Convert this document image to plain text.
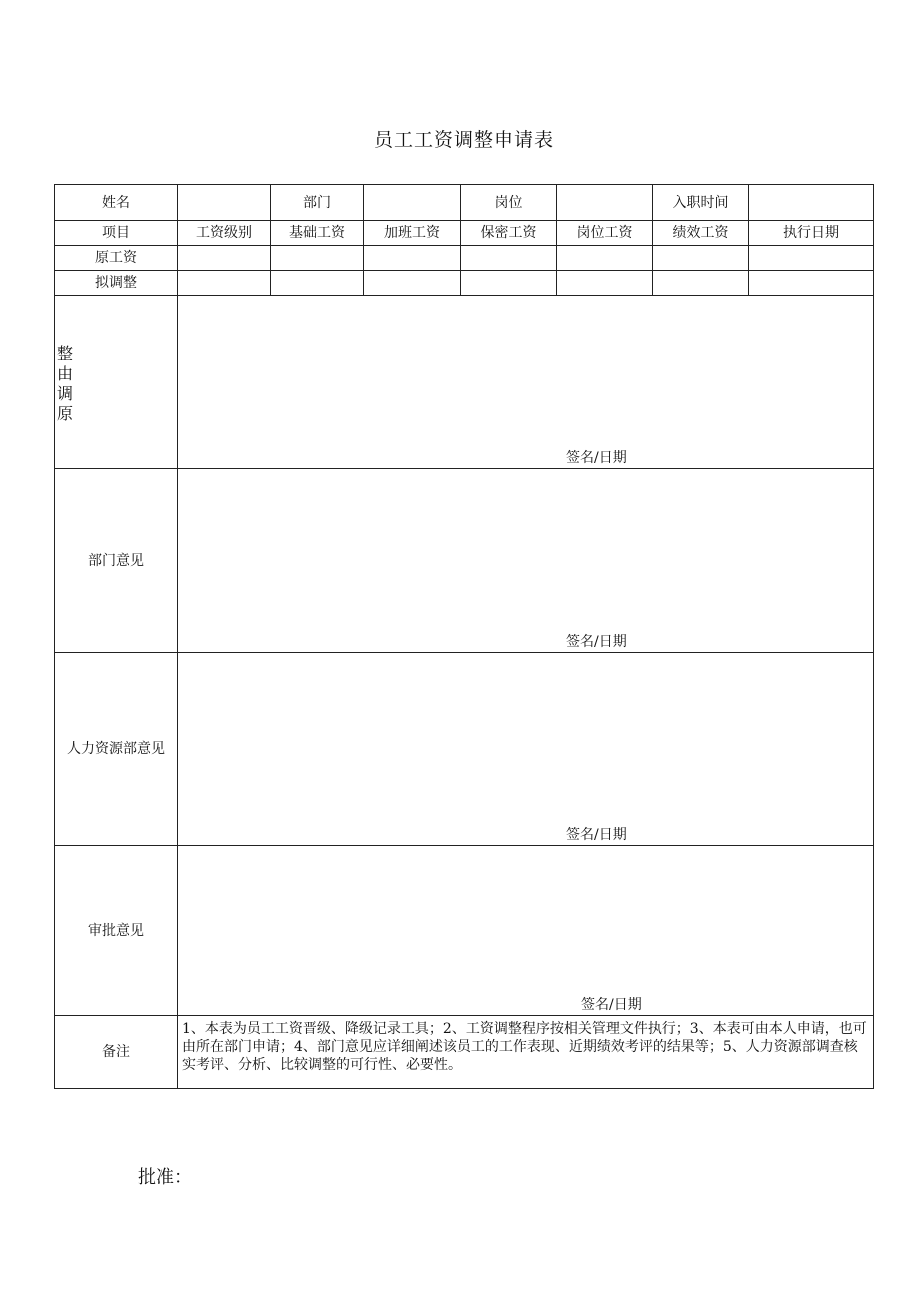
员工工资调整申请表
姓名		部门		岗位		入职时间	

项目	工资级别	基础工资	加班工资	保密工资	岗位工资	绩效工资	执行日期
原工资							
拟调整							

整
由
调
原	签名/日期						

部门意见	签名/日期						

人力资源部意见	签名/日期						

审批意见	签名/日期						

备注	1、本表为员工工资晋级、降级记录工具；2、工资调整程序按相关管理文件执行；3、本表可由本人申请，也可由所在部门申请；4、部门意见应详细阐述该员工的工作表现、近期绩效考评的结果等；5、人力资源部调查核实考评、分析、比较调整的可行性、必要性。						
批准：
